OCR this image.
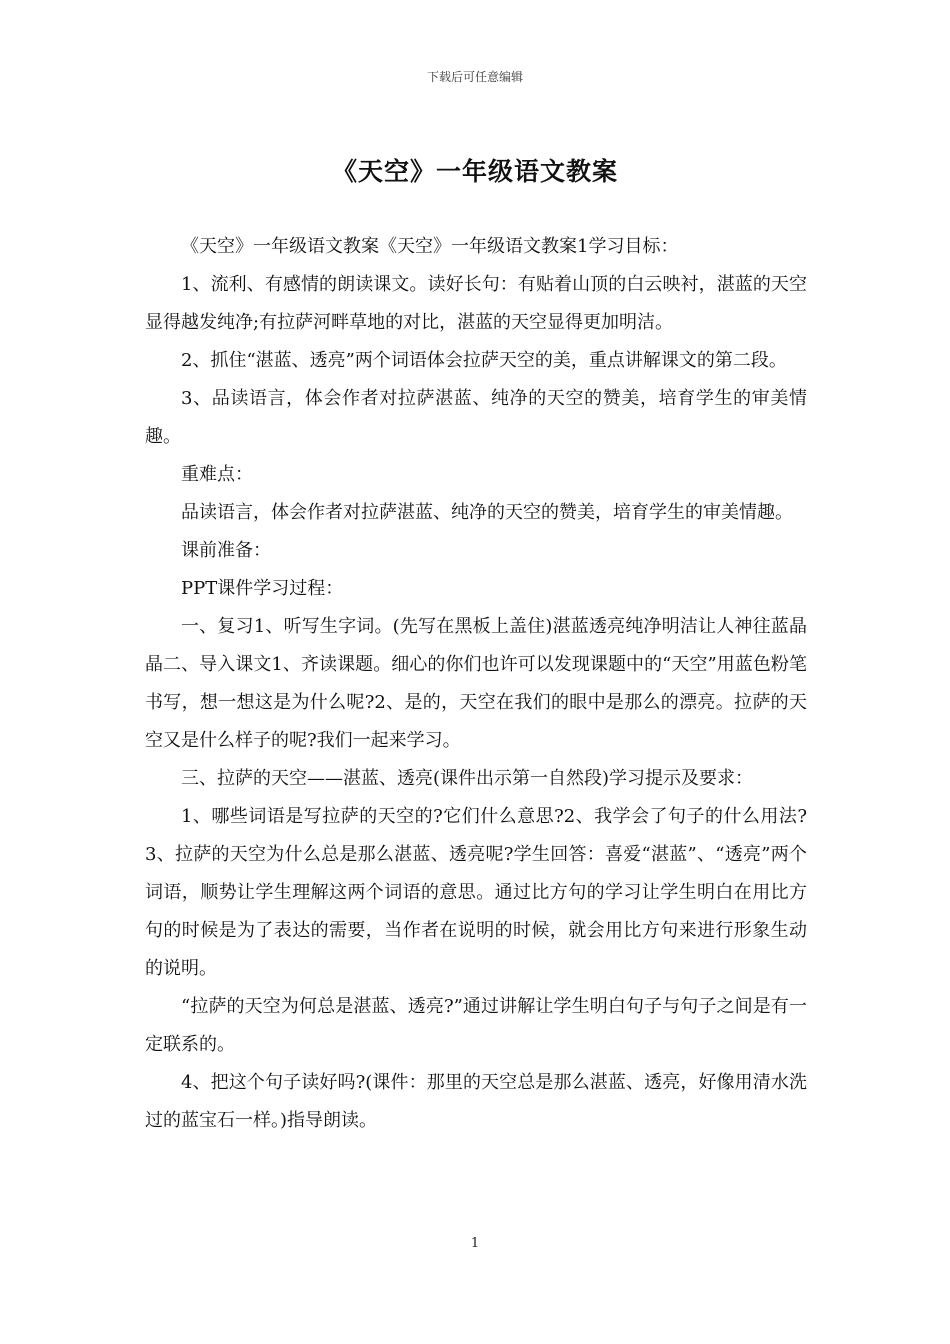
下载后可任意编辑
《天空》一年级语文教案

《天空》一年级语文教案《天空》一年级语文教案1学习目标：

1、流利、有感情的朗读课文。读好长句：有贴着山顶的白云映衬，湛蓝的天空显得越发纯净;有拉萨河畔草地的对比，湛蓝的天空显得更加明洁。

2、抓住“湛蓝、透亮”两个词语体会拉萨天空的美，重点讲解课文的第二段。

3、品读语言，体会作者对拉萨湛蓝、纯净的天空的赞美，培育学生的审美情趣。

重难点：

品读语言，体会作者对拉萨湛蓝、纯净的天空的赞美，培育学生的审美情趣。

课前准备：

PPT课件学习过程：

一、复习1、听写生字词。(先写在黑板上盖住)湛蓝透亮纯净明洁让人神往蓝晶晶二、导入课文1、齐读课题。细心的你们也许可以发现课题中的“天空”用蓝色粉笔书写，想一想这是为什么呢?2、是的，天空在我们的眼中是那么的漂亮。拉萨的天空又是什么样子的呢?我们一起来学习。

三、拉萨的天空——湛蓝、透亮(课件出示第一自然段)学习提示及要求：

1、哪些词语是写拉萨的天空的?它们什么意思?2、我学会了句子的什么用法?3、拉萨的天空为什么总是那么湛蓝、透亮呢?学生回答：喜爱“湛蓝”、“透亮”两个词语，顺势让学生理解这两个词语的意思。通过比方句的学习让学生明白在用比方句的时候是为了表达的需要，当作者在说明的时候，就会用比方句来进行形象生动的说明。

“拉萨的天空为何总是湛蓝、透亮?”通过讲解让学生明白句子与句子之间是有一定联系的。

4、把这个句子读好吗?(课件：那里的天空总是那么湛蓝、透亮，好像用清水洗过的蓝宝石一样。)指导朗读。

1
